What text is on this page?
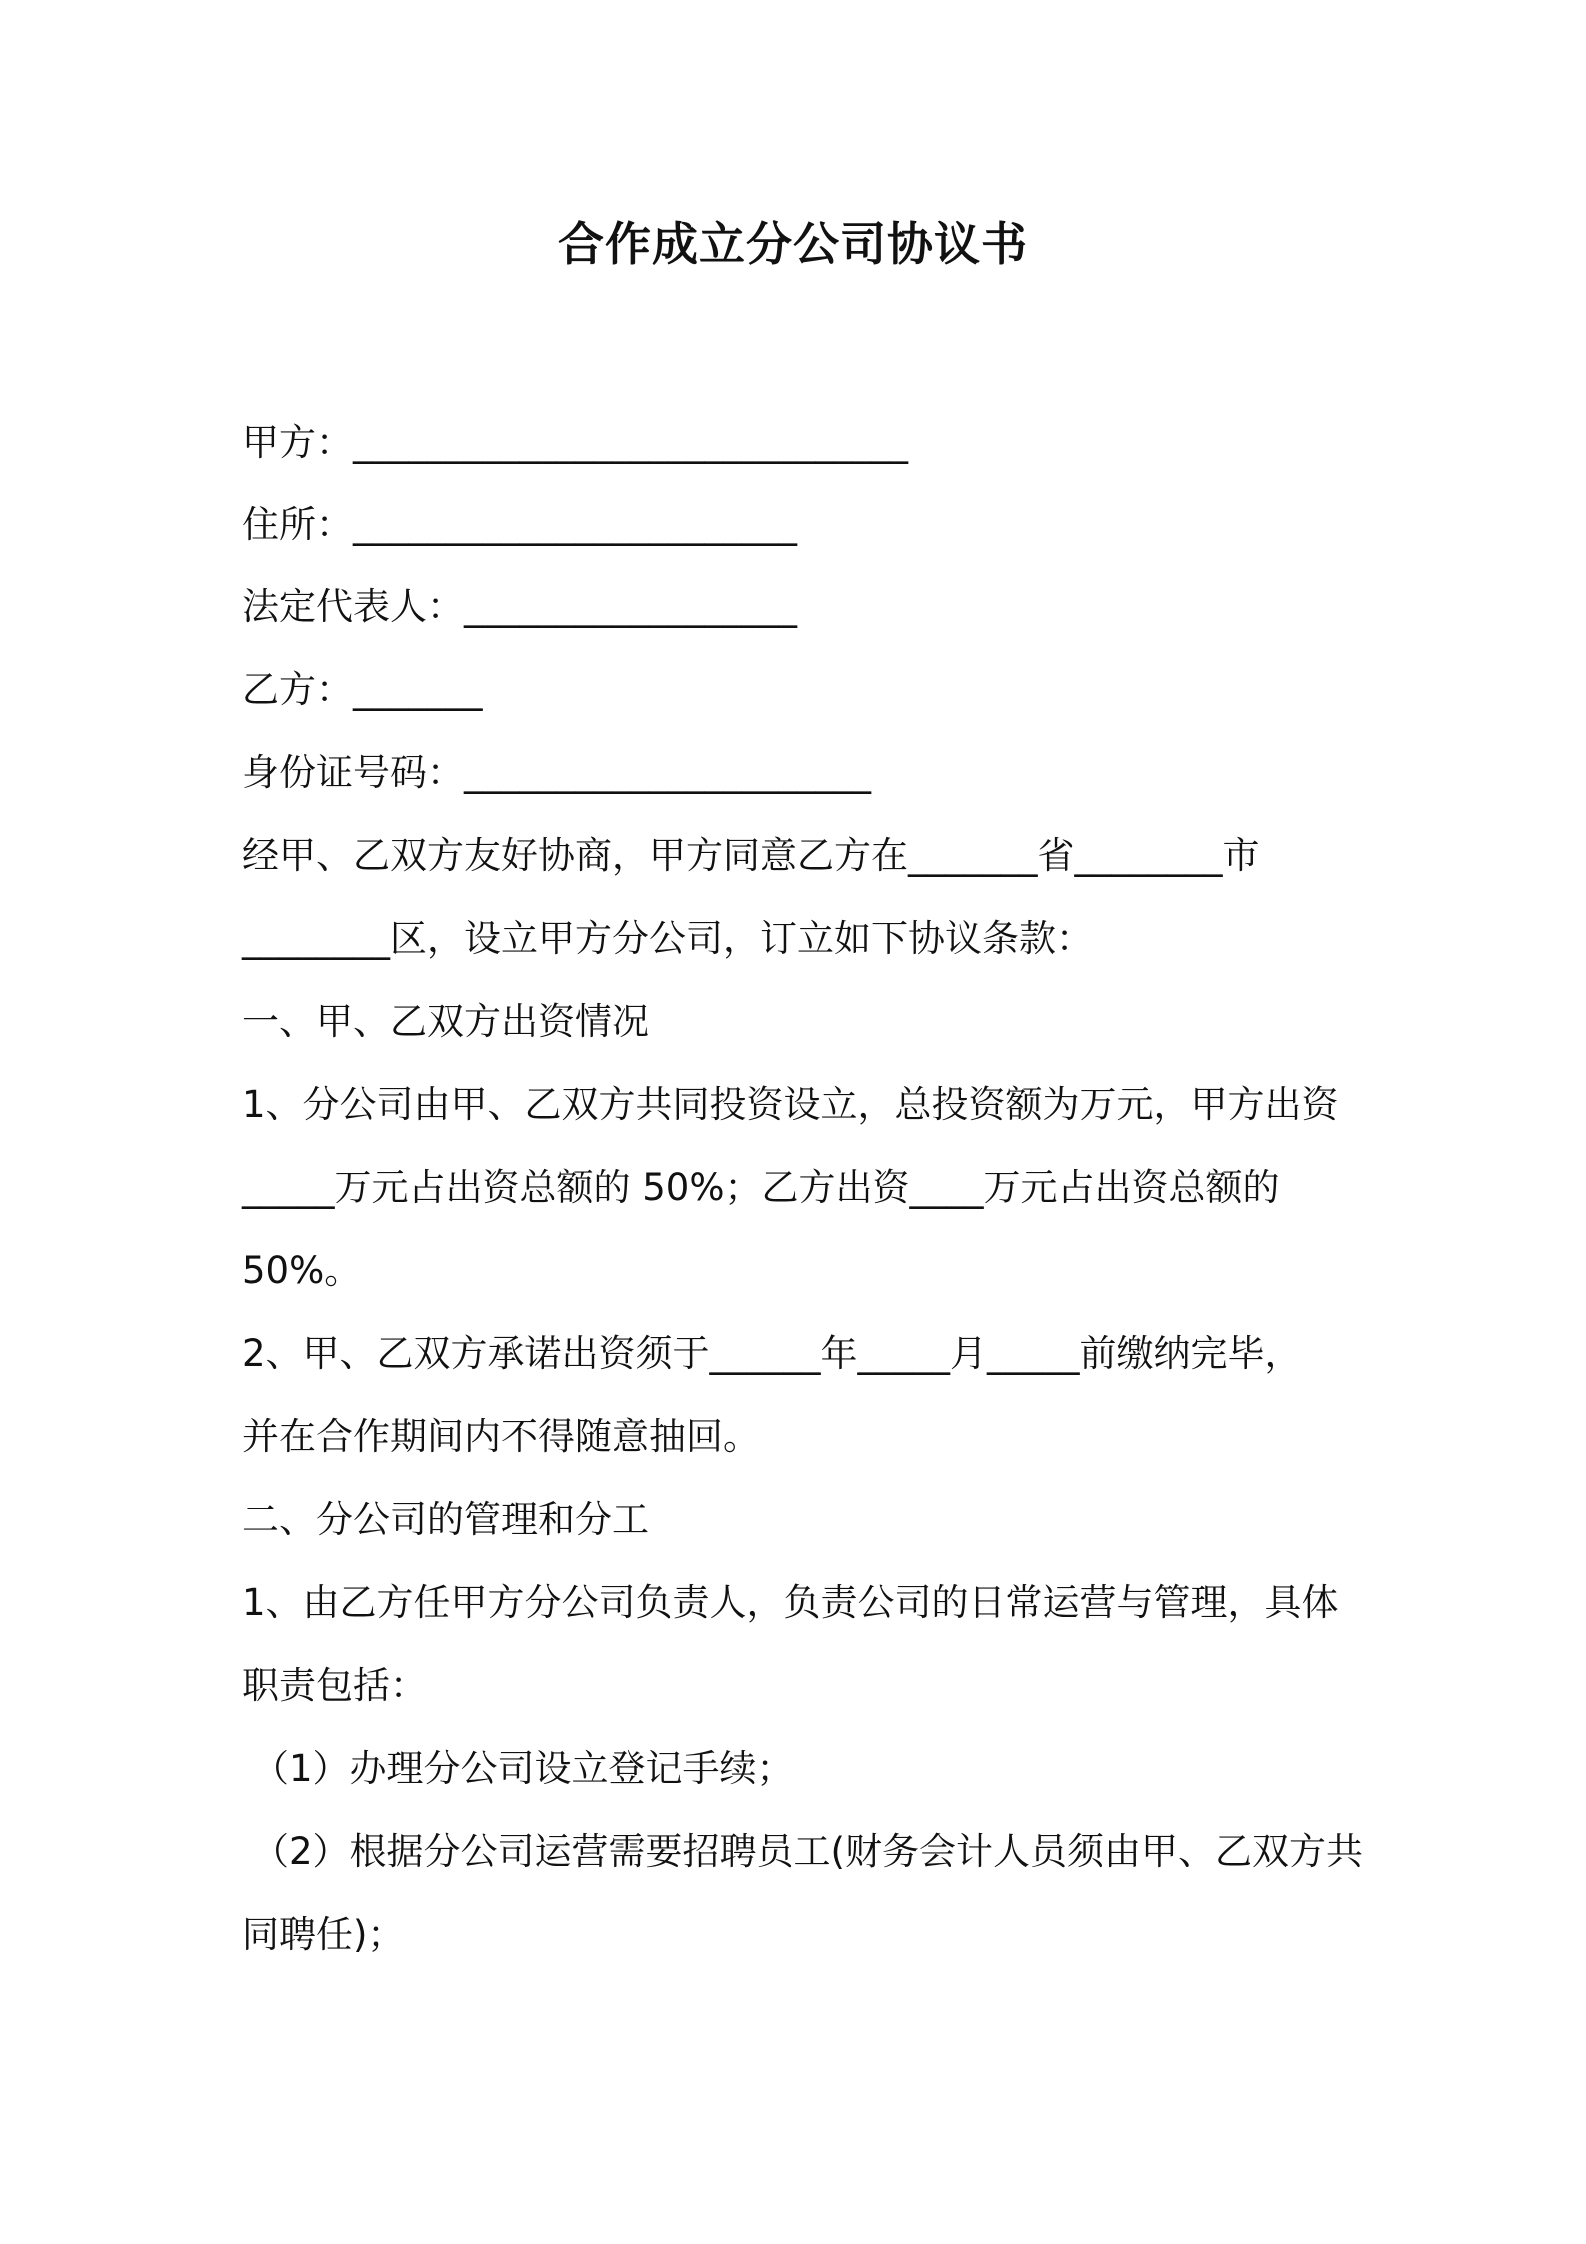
合作成立分公司协议书
甲方：______________________________
住所：________________________
法定代表人：__________________
乙方：_______
身份证号码：______________________
经甲、乙双方友好协商，甲方同意乙方在_______省________市
________区，设立甲方分公司，订立如下协议条款：
一、甲、乙双方出资情况
1、分公司由甲、乙双方共同投资设立，总投资额为万元，甲方出资
_____万元占出资总额的 50%；乙方出资____万元占出资总额的
50%。
2、甲、乙双方承诺出资须于______年_____月_____前缴纳完毕，
并在合作期间内不得随意抽回。
二、分公司的管理和分工
1、由乙方任甲方分公司负责人，负责公司的日常运营与管理，具体
职责包括：
（1）办理分公司设立登记手续；
（2）根据分公司运营需要招聘员工(财务会计人员须由甲、乙双方共
同聘任)；
